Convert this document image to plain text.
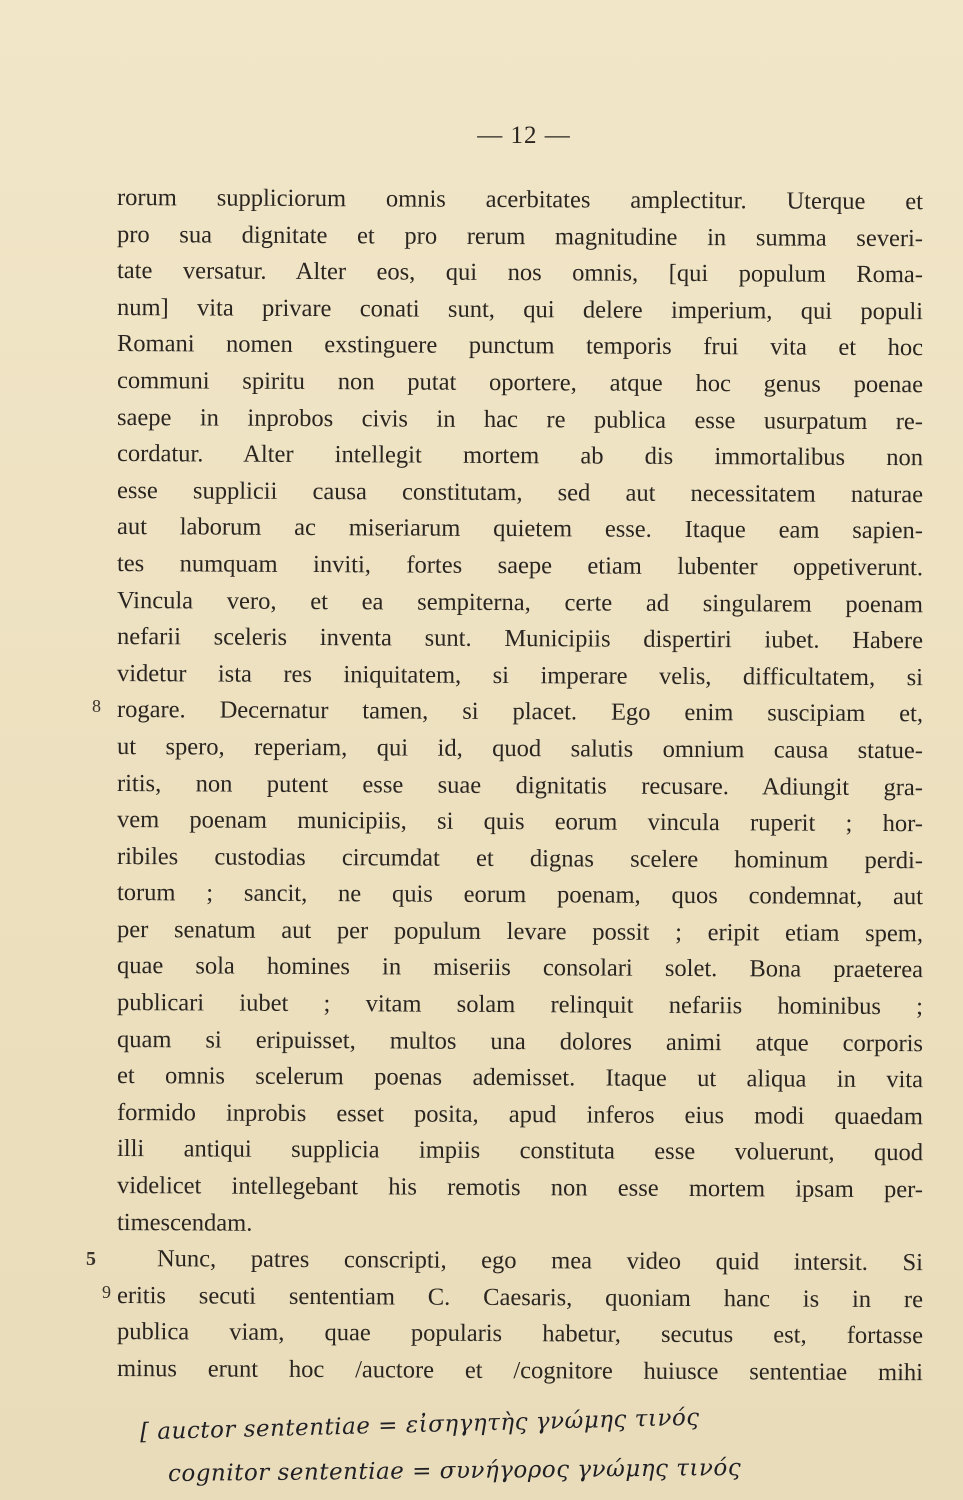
— 12 —
rorum suppliciorum omnis acerbitates amplectitur. Uterque et
pro sua dignitate et pro rerum magnitudine in summa severi-
tate versatur. Alter eos, qui nos omnis, [qui populum Roma-
num] vita privare conati sunt, qui delere imperium, qui populi
Romani nomen exstinguere punctum temporis frui vita et hoc
communi spiritu non putat oportere, atque hoc genus poenae
saepe in inprobos civis in hac re publica esse usurpatum re-
cordatur. Alter intellegit mortem ab dis immortalibus non
esse supplicii causa constitutam, sed aut necessitatem naturae
aut laborum ac miseriarum quietem esse. Itaque eam sapien-
tes numquam inviti, fortes saepe etiam lubenter oppetiverunt.
Vincula vero, et ea sempiterna, certe ad singularem poenam
nefarii sceleris inventa sunt. Municipiis dispertiri iubet. Habere
videtur ista res iniquitatem, si imperare velis, difficultatem, si
rogare. Decernatur tamen, si placet. Ego enim suscipiam et,
ut spero, reperiam, qui id, quod salutis omnium causa statue-
ritis, non putent esse suae dignitatis recusare. Adiungit gra-
vem poenam municipiis, si quis eorum vincula ruperit ; hor-
ribiles custodias circumdat et dignas scelere hominum perdi-
torum ; sancit, ne quis eorum poenam, quos condemnat, aut
per senatum aut per populum levare possit ; eripit etiam spem,
quae sola homines in miseriis consolari solet. Bona praeterea
publicari iubet ; vitam solam relinquit nefariis hominibus ;
quam si eripuisset, multos una dolores animi atque corporis
et omnis scelerum poenas ademisset. Itaque ut aliqua in vita
formido inprobis esset posita, apud inferos eius modi quaedam
illi antiqui supplicia impiis constituta esse voluerunt, quod
videlicet intellegebant his remotis non esse mortem ipsam per-
timescendam.
Nunc, patres conscripti, ego mea video quid intersit. Si
eritis secuti sententiam C. Caesaris, quoniam hanc is in re
publica viam, quae popularis habetur, secutus est, fortasse
minus erunt hoc /auctore et /cognitore huiusce sententiae mihi
8
5
9
[ auctor sententiae = εἰσηγητὴς γνώμης τινός
cognitor sententiae = συνήγορος γνώμης τινός
